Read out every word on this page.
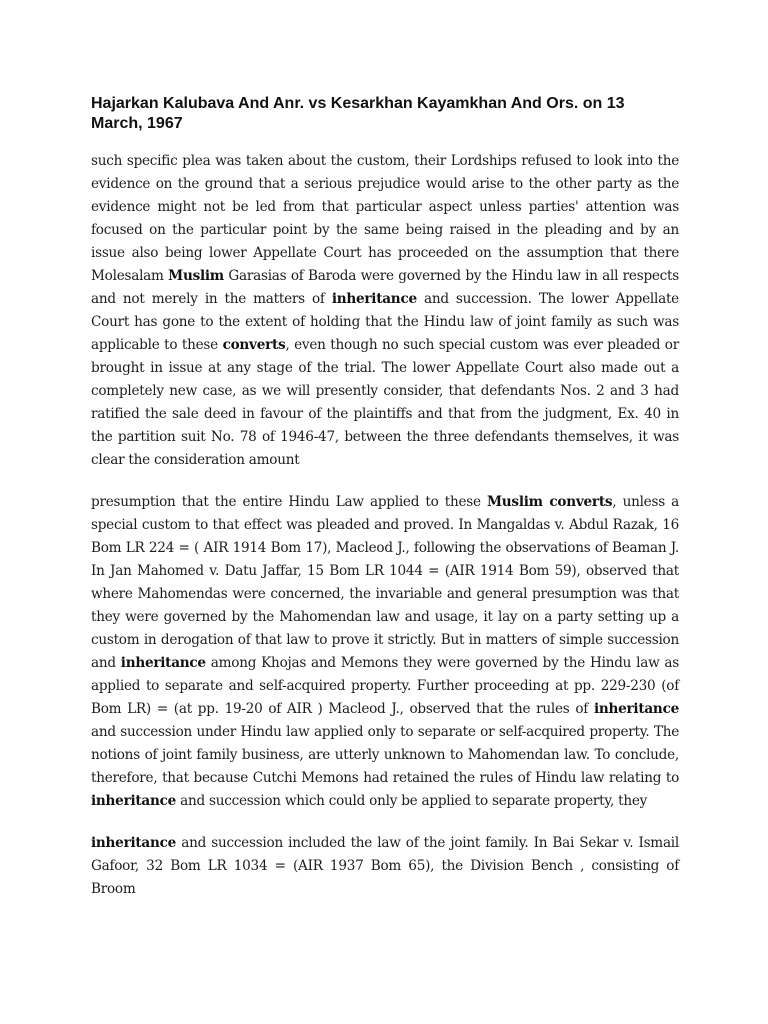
Hajarkan Kalubava And Anr. vs Kesarkhan Kayamkhan And Ors. on 13 March, 1967

such specific plea was taken about the custom, their Lordships refused to look into the evidence on the ground that a serious prejudice would arise to the other party as the evidence might not be led from that particular aspect unless parties' attention was focused on the particular point by the same being raised in the pleading and by an issue also being lower Appellate Court has proceeded on the assumption that there Molesalam Muslim Garasias of Baroda were governed by the Hindu law in all respects and not merely in the matters of inheritance and succession. The lower Appellate Court has gone to the extent of holding that the Hindu law of joint family as such was applicable to these converts, even though no such special custom was ever pleaded or brought in issue at any stage of the trial. The lower Appellate Court also made out a completely new case, as we will presently consider, that defendants Nos. 2 and 3 had ratified the sale deed in favour of the plaintiffs and that from the judgment, Ex. 40 in the partition suit No. 78 of 1946-47, between the three defendants themselves, it was clear the consideration amount

presumption that the entire Hindu Law applied to these Muslim converts, unless a special custom to that effect was pleaded and proved. In Mangaldas v. Abdul Razak, 16 Bom LR 224 = ( AIR 1914 Bom 17), Macleod J., following the observations of Beaman J. In Jan Mahomed v. Datu Jaffar, 15 Bom LR 1044 = (AIR 1914 Bom 59), observed that where Mahomendas were concerned, the invariable and general presumption was that they were governed by the Mahomendan law and usage, it lay on a party setting up a custom in derogation of that law to prove it strictly. But in matters of simple succession and inheritance among Khojas and Memons they were governed by the Hindu law as applied to separate and self-acquired property. Further proceeding at pp. 229-230 (of Bom LR) = (at pp. 19-20 of AIR ) Macleod J., observed that the rules of inheritance and succession under Hindu law applied only to separate or self-acquired property. The notions of joint family business, are utterly unknown to Mahomendan law. To conclude, therefore, that because Cutchi Memons had retained the rules of Hindu law relating to inheritance and succession which could only be applied to separate property, they

inheritance and succession included the law of the joint family. In Bai Sekar v. Ismail Gafoor, 32 Bom LR 1034 = (AIR 1937 Bom 65), the Division Bench , consisting of Broom
